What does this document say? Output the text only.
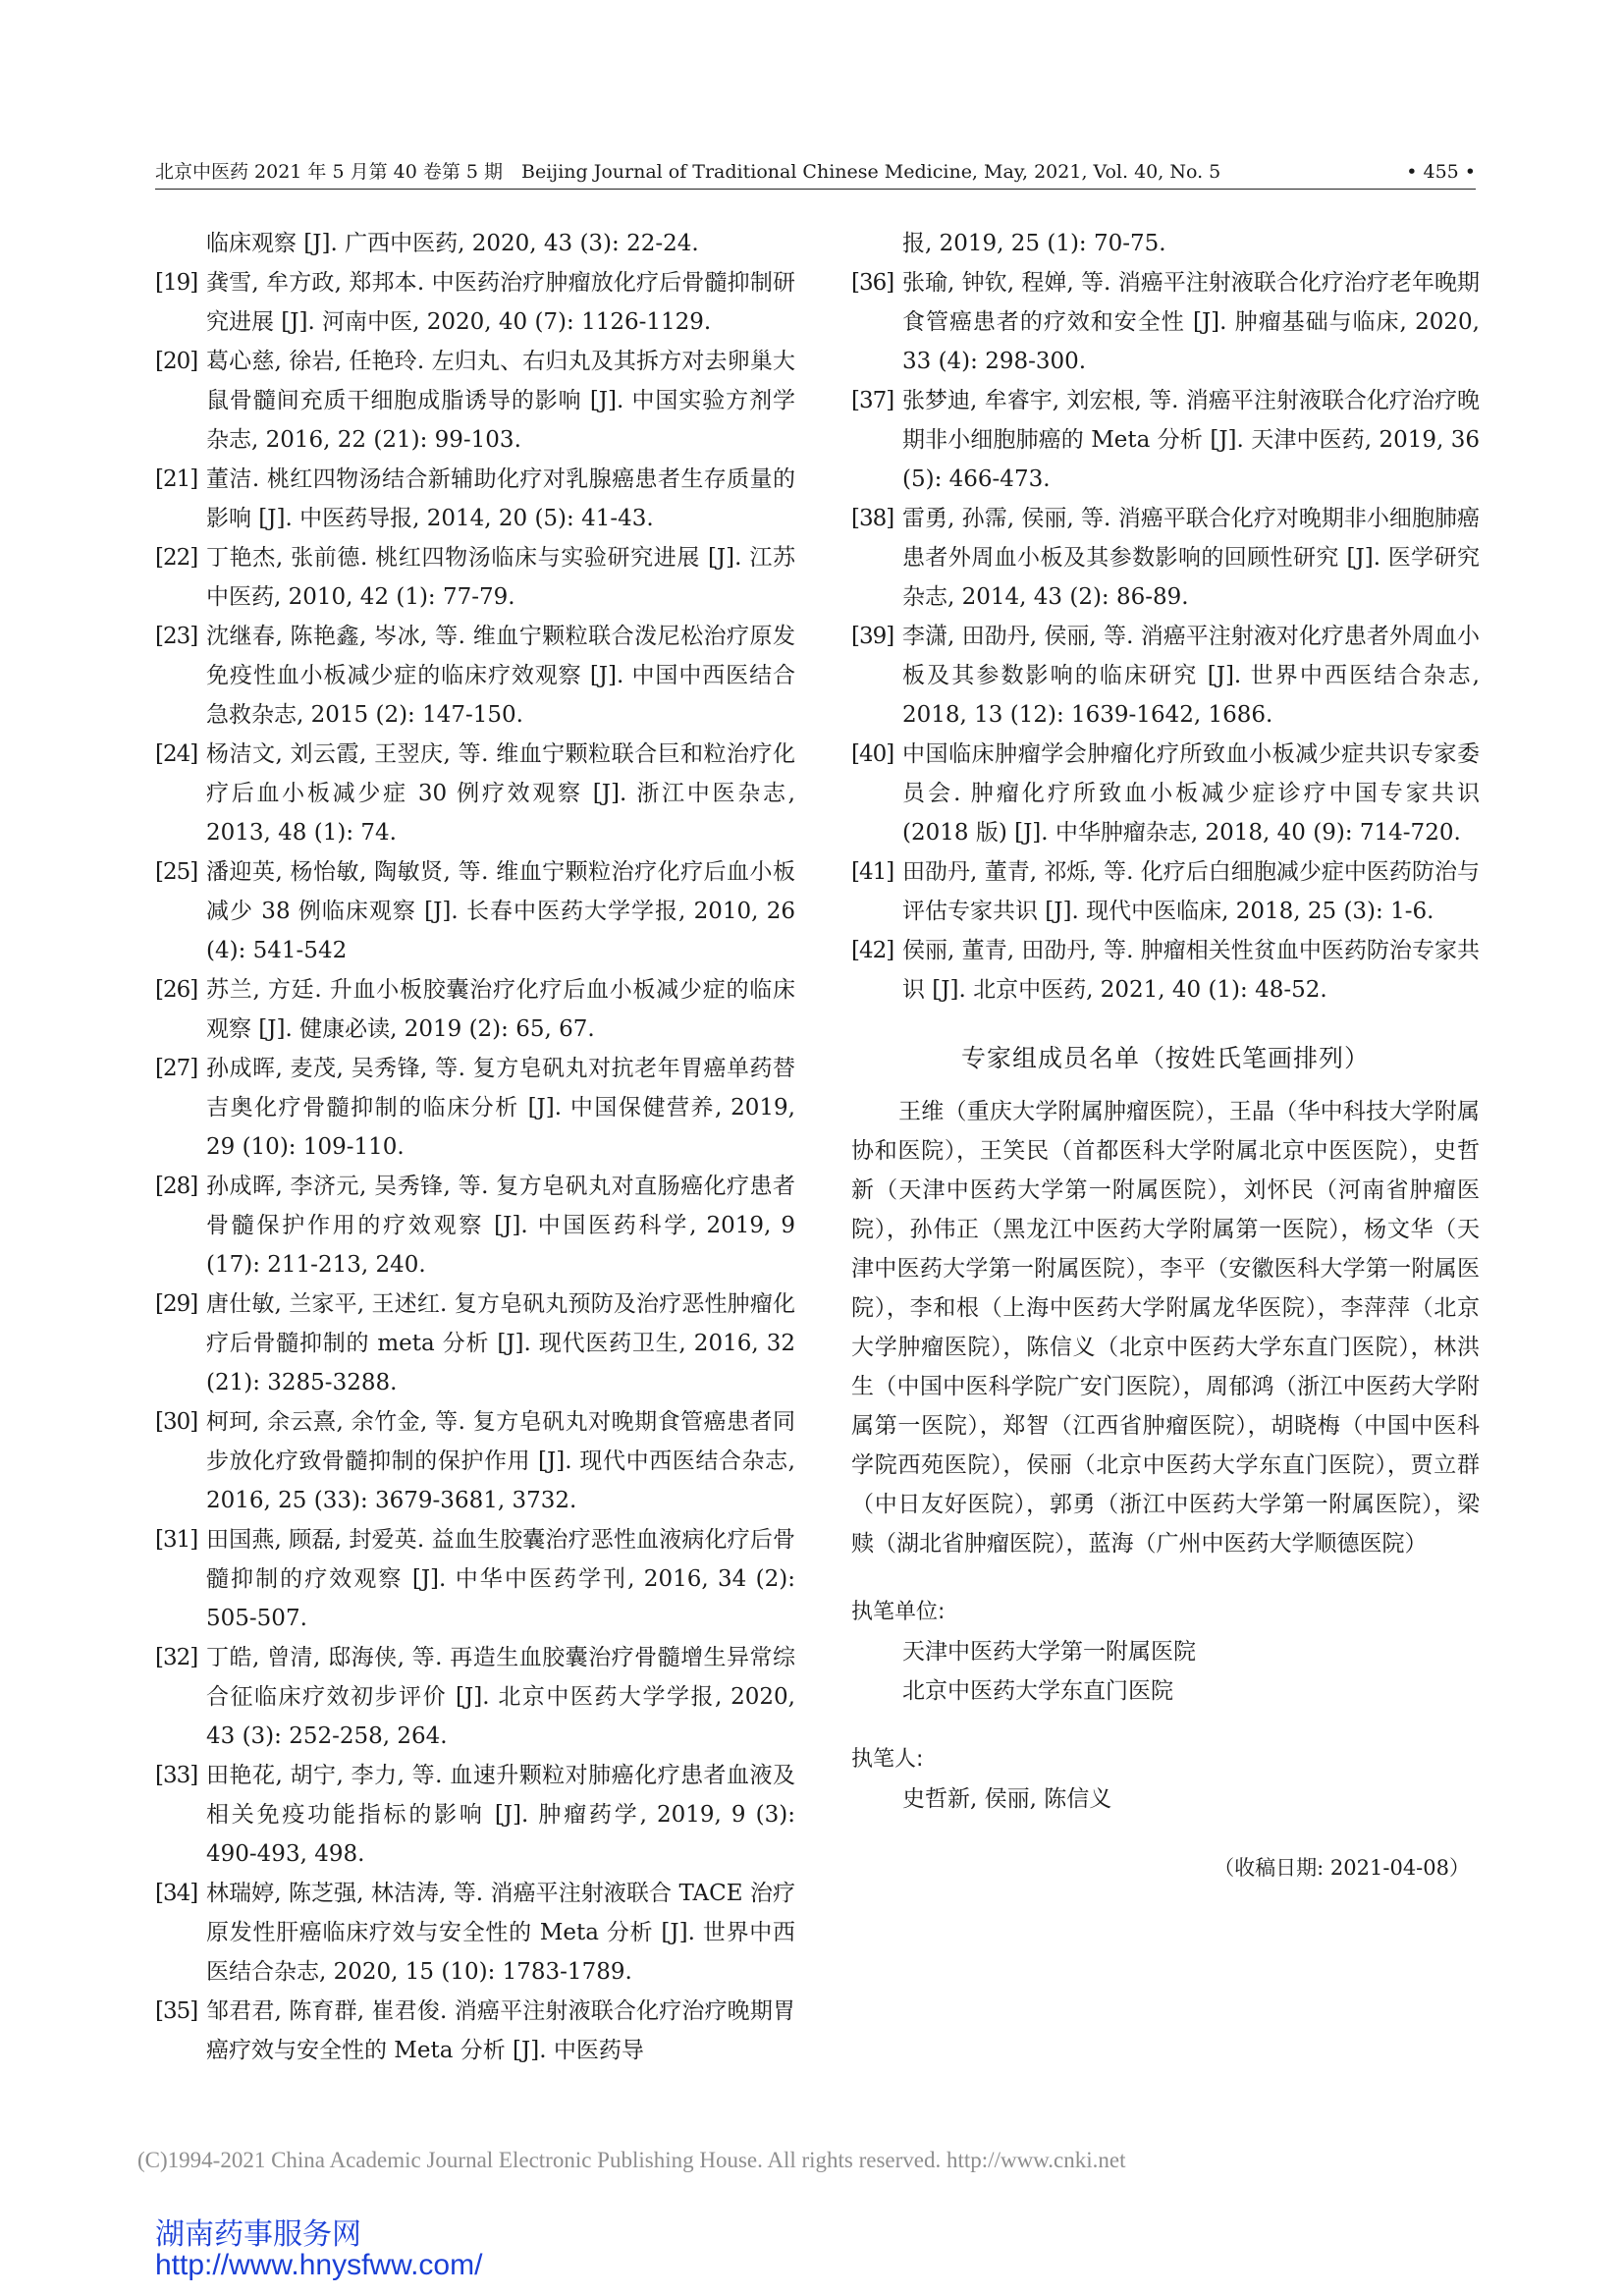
北京中医药 2021 年 5 月第 40 卷第 5 期　Beijing Journal of Traditional Chinese Medicine, May, 2021, Vol. 40, No. 5	• 455 •
临床观察 [J]. 广西中医药, 2020, 43 (3): 22-24.
[19] 龚雪, 牟方政, 郑邦本. 中医药治疗肿瘤放化疗后骨髓抑制研究进展 [J]. 河南中医, 2020, 40 (7): 1126-1129.
[20] 葛心慈, 徐岩, 任艳玲. 左归丸、右归丸及其拆方对去卵巢大鼠骨髓间充质干细胞成脂诱导的影响 [J]. 中国实验方剂学杂志, 2016, 22 (21): 99-103.
[21] 董洁. 桃红四物汤结合新辅助化疗对乳腺癌患者生存质量的影响 [J]. 中医药导报, 2014, 20 (5): 41-43.
[22] 丁艳杰, 张前德. 桃红四物汤临床与实验研究进展 [J]. 江苏中医药, 2010, 42 (1): 77-79.
[23] 沈继春, 陈艳鑫, 岑冰, 等. 维血宁颗粒联合泼尼松治疗原发免疫性血小板减少症的临床疗效观察 [J]. 中国中西医结合急救杂志, 2015 (2): 147-150.
[24] 杨洁文, 刘云霞, 王翌庆, 等. 维血宁颗粒联合巨和粒治疗化疗后血小板减少症 30 例疗效观察 [J]. 浙江中医杂志, 2013, 48 (1): 74.
[25] 潘迎英, 杨怡敏, 陶敏贤, 等. 维血宁颗粒治疗化疗后血小板减少 38 例临床观察 [J]. 长春中医药大学学报, 2010, 26 (4): 541-542
[26] 苏兰, 方廷. 升血小板胶囊治疗化疗后血小板减少症的临床观察 [J]. 健康必读, 2019 (2): 65, 67.
[27] 孙成晖, 麦茂, 吴秀锋, 等. 复方皂矾丸对抗老年胃癌单药替吉奥化疗骨髓抑制的临床分析 [J]. 中国保健营养, 2019, 29 (10): 109-110.
[28] 孙成晖, 李济元, 吴秀锋, 等. 复方皂矾丸对直肠癌化疗患者骨髓保护作用的疗效观察 [J]. 中国医药科学, 2019, 9 (17): 211-213, 240.
[29] 唐仕敏, 兰家平, 王述红. 复方皂矾丸预防及治疗恶性肿瘤化疗后骨髓抑制的 meta 分析 [J]. 现代医药卫生, 2016, 32 (21): 3285-3288.
[30] 柯珂, 余云熹, 余竹金, 等. 复方皂矾丸对晚期食管癌患者同步放化疗致骨髓抑制的保护作用 [J]. 现代中西医结合杂志, 2016, 25 (33): 3679-3681, 3732.
[31] 田国燕, 顾磊, 封爱英. 益血生胶囊治疗恶性血液病化疗后骨髓抑制的疗效观察 [J]. 中华中医药学刊, 2016, 34 (2): 505-507.
[32] 丁皓, 曾清, 邸海侠, 等. 再造生血胶囊治疗骨髓增生异常综合征临床疗效初步评价 [J]. 北京中医药大学学报, 2020, 43 (3): 252-258, 264.
[33] 田艳花, 胡宁, 李力, 等. 血速升颗粒对肺癌化疗患者血液及相关免疫功能指标的影响 [J]. 肿瘤药学, 2019, 9 (3): 490-493, 498.
[34] 林瑞婷, 陈芝强, 林洁涛, 等. 消癌平注射液联合 TACE 治疗原发性肝癌临床疗效与安全性的 Meta 分析 [J]. 世界中西医结合杂志, 2020, 15 (10): 1783-1789.
[35] 邹君君, 陈育群, 崔君俊. 消癌平注射液联合化疗治疗晚期胃癌疗效与安全性的 Meta 分析 [J]. 中医药导
报, 2019, 25 (1): 70-75.
[36] 张瑜, 钟钦, 程婵, 等. 消癌平注射液联合化疗治疗老年晚期食管癌患者的疗效和安全性 [J]. 肿瘤基础与临床, 2020, 33 (4): 298-300.
[37] 张梦迪, 牟睿宇, 刘宏根, 等. 消癌平注射液联合化疗治疗晚期非小细胞肺癌的 Meta 分析 [J]. 天津中医药, 2019, 36 (5): 466-473.
[38] 雷勇, 孙霈, 侯丽, 等. 消癌平联合化疗对晚期非小细胞肺癌患者外周血小板及其参数影响的回顾性研究 [J]. 医学研究杂志, 2014, 43 (2): 86-89.
[39] 李潇, 田劭丹, 侯丽, 等. 消癌平注射液对化疗患者外周血小板及其参数影响的临床研究 [J]. 世界中西医结合杂志, 2018, 13 (12): 1639-1642, 1686.
[40] 中国临床肿瘤学会肿瘤化疗所致血小板减少症共识专家委员会. 肿瘤化疗所致血小板减少症诊疗中国专家共识 (2018 版) [J]. 中华肿瘤杂志, 2018, 40 (9): 714-720.
[41] 田劭丹, 董青, 祁烁, 等. 化疗后白细胞减少症中医药防治与评估专家共识 [J]. 现代中医临床, 2018, 25 (3): 1-6.
[42] 侯丽, 董青, 田劭丹, 等. 肿瘤相关性贫血中医药防治专家共识 [J]. 北京中医药, 2021, 40 (1): 48-52.
专家组成员名单（按姓氏笔画排列）
王维（重庆大学附属肿瘤医院），王晶（华中科技大学附属协和医院），王笑民（首都医科大学附属北京中医医院），史哲新（天津中医药大学第一附属医院），刘怀民（河南省肿瘤医院），孙伟正（黑龙江中医药大学附属第一医院），杨文华（天津中医药大学第一附属医院），李平（安徽医科大学第一附属医院），李和根（上海中医药大学附属龙华医院），李萍萍（北京大学肿瘤医院），陈信义（北京中医药大学东直门医院），林洪生（中国中医科学院广安门医院），周郁鸿（浙江中医药大学附属第一医院），郑智（江西省肿瘤医院），胡晓梅（中国中医科学院西苑医院），侯丽（北京中医药大学东直门医院），贾立群（中日友好医院），郭勇（浙江中医药大学第一附属医院），梁赎（湖北省肿瘤医院），蓝海（广州中医药大学顺德医院）
执笔单位:
天津中医药大学第一附属医院
北京中医药大学东直门医院
执笔人:
史哲新, 侯丽, 陈信义
（收稿日期: 2021-04-08）
(C)1994-2021 China Academic Journal Electronic Publishing House. All rights reserved. http://www.cnki.net
湖南药事服务网
http://www.hnysfww.com/
